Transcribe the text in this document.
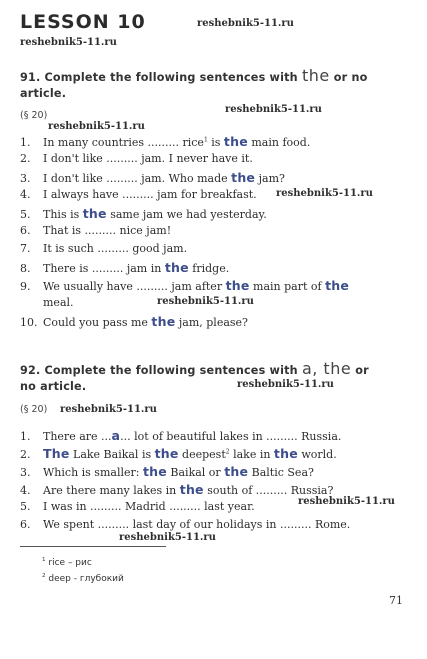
LESSON 10	reshebnik5-11.ru
reshebnik5-11.ru
91. Complete the following sentences with the or no
article.
(§ 20)
reshebnik5-11.ru
reshebnik5-11.ru
1. In many countries ......... rice$^1$ is the main food.
2. I don't like ......... jam. I never have it.
3. I don't like ......... jam. Who made the jam?
4. I always have ......... jam for breakfast. reshebnik5-11.ru
5. This is the same jam we had yesterday.
6. That is ......... nice jam!
7. It is such ......... good jam.
8. There is ......... jam in the fridge.
9. We usually have ......... jam after the main part of the
meal.	reshebnik5-11.ru
10. Could you pass me the jam, please?
92. Complete the following sentences with a, the or
no article.	reshebnik5-11.ru
(§ 20) reshebnik5-11.ru
1. There are ...a... lot of beautiful lakes in ......... Russia.
2. The Lake Baikal is the deepest$^2$ lake in the world.
3. Which is smaller: the Baikal or the Baltic Sea?
4. Are there many lakes in the south of ......... Russia?
5. I was in ......... Madrid ......... last year.	reshebnik5-11.ru
6. We spent ......... last day of our holidays in ......... Rome.
reshebnik5-11.ru
$^1$ rice – рис
$^2$ deep - глубокий
71
